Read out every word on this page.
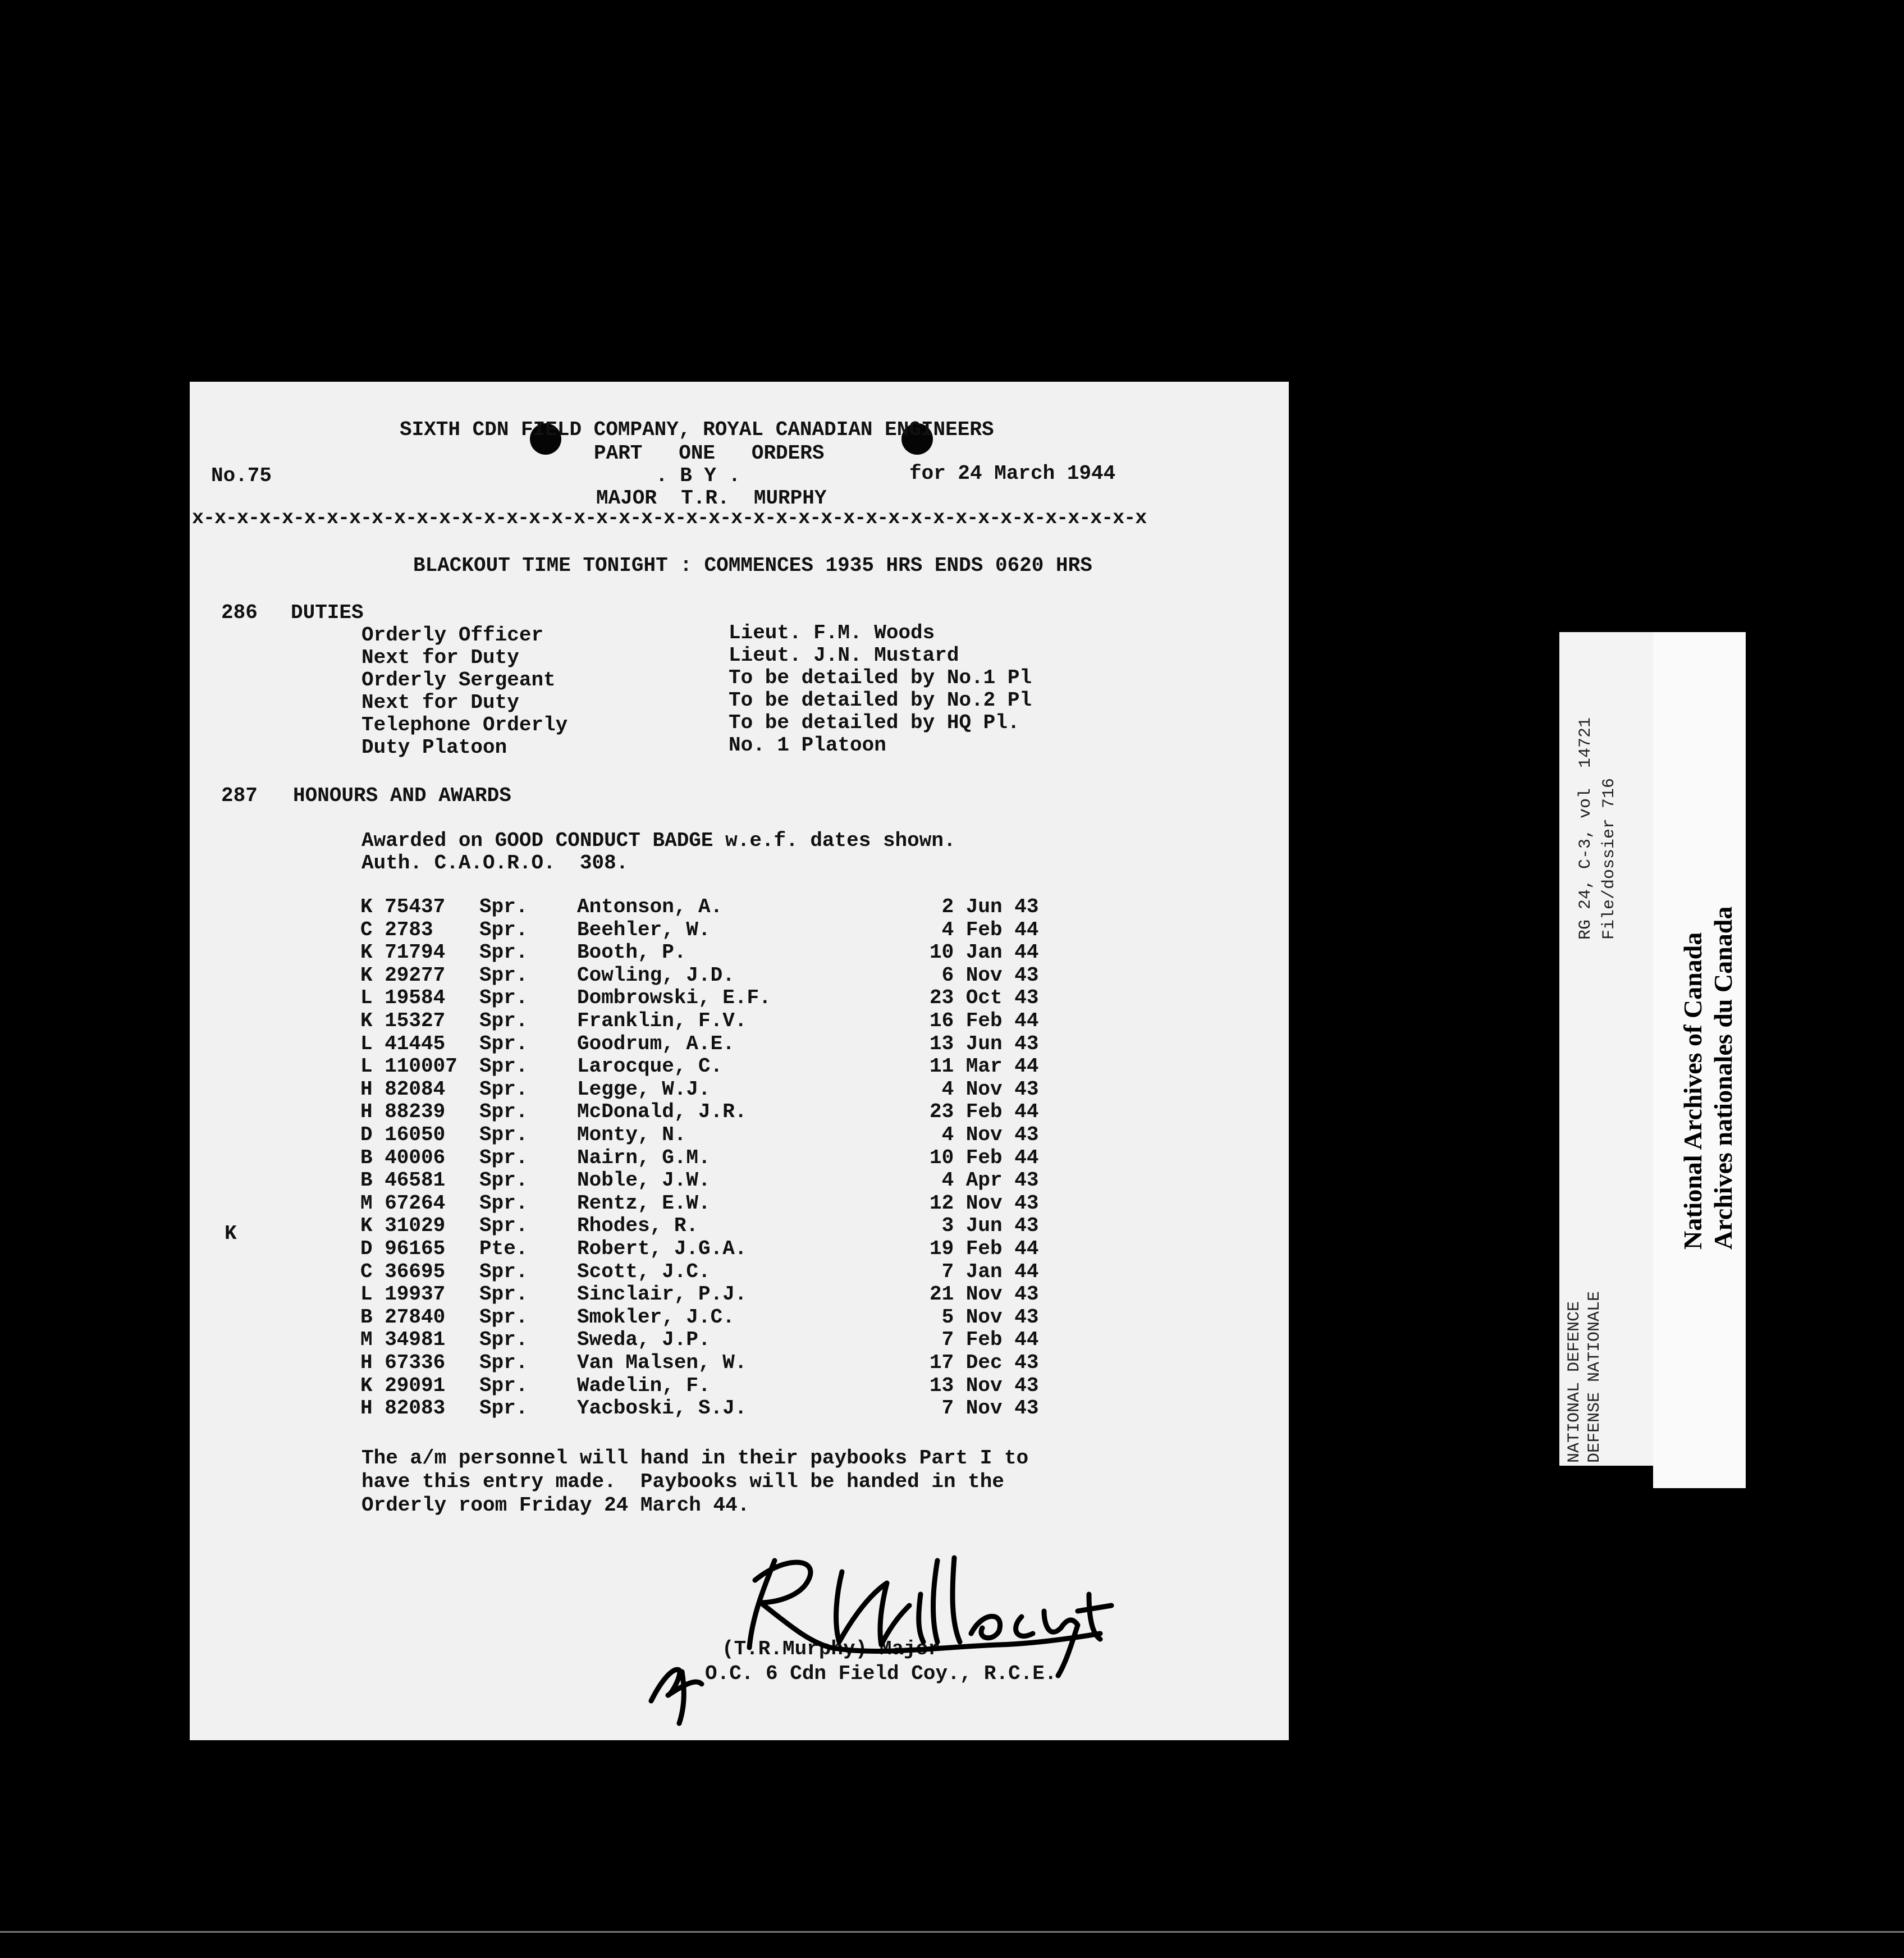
SIXTH CDN FIELD COMPANY, ROYAL CANADIAN ENGINEERS
PART   ONE   ORDERS
No.75	. B Y .	for 24 March 1944
MAJOR  T.R.  MURPHY
x-x-x-x-x-x-x-x-x-x-x-x-x-x-x-x-x-x-x-x-x-x-x-x-x-x-x-x-x-x-x-x-x-x-x-x-x-x-x-x-x-x-x
BLACKOUT TIME TONIGHT : COMMENCES 1935 HRS ENDS 0620 HRS
286 DUTIES
Orderly Officer	Lieut. F.M. Woods
Next for Duty	Lieut. J.N. Mustard
Orderly Sergeant	To be detailed by No.1 Pl
Next for Duty	To be detailed by No.2 Pl
Telephone Orderly	To be detailed by HQ Pl.
Duty Platoon	No. 1 Platoon
287 HONOURS AND AWARDS
Awarded on GOOD CONDUCT BADGE w.e.f. dates shown.
Auth. C.A.O.R.O.  308.
K
K 75437 Spr. Antonson, A.	2 Jun 43
C 2783 Spr. Beehler, W.	4 Feb 44
K 71794 Spr. Booth, P.	10 Jan 44
K 29277 Spr. Cowling, J.D.	6 Nov 43
L 19584 Spr. Dombrowski, E.F.	23 Oct 43
K 15327 Spr. Franklin, F.V.	16 Feb 44
L 41445 Spr. Goodrum, A.E.	13 Jun 43
L 110007 Spr. Larocque, C.	11 Mar 44
H 82084 Spr. Legge, W.J.	4 Nov 43
H 88239 Spr. McDonald, J.R.	23 Feb 44
D 16050 Spr. Monty, N.	4 Nov 43
B 40006 Spr. Nairn, G.M.	10 Feb 44
B 46581 Spr. Noble, J.W.	4 Apr 43
M 67264 Spr. Rentz, E.W.	12 Nov 43
K 31029 Spr. Rhodes, R.	3 Jun 43
D 96165 Pte. Robert, J.G.A.	19 Feb 44
C 36695 Spr. Scott, J.C.	7 Jan 44
L 19937 Spr. Sinclair, P.J.	21 Nov 43
B 27840 Spr. Smokler, J.C.	5 Nov 43
M 34981 Spr. Sweda, J.P.	7 Feb 44
H 67336 Spr. Van Malsen, W.	17 Dec 43
K 29091 Spr. Wadelin, F.	13 Nov 43
H 82083 Spr. Yacboski, S.J.	7 Nov 43
The a/m personnel will hand in their paybooks Part I to
have this entry made.  Paybooks will be handed in the
Orderly room Friday 24 March 44.
(T.R.Murphy) Major
O.C. 6 Cdn Field Coy., R.C.E.
R L Miller Capt
RG 24, C-3, vol  14721 File/dossier 716
NATIONAL DEFENCE DEFENSE NATIONALE
National Archives of Canada Archives nationales du Canada
